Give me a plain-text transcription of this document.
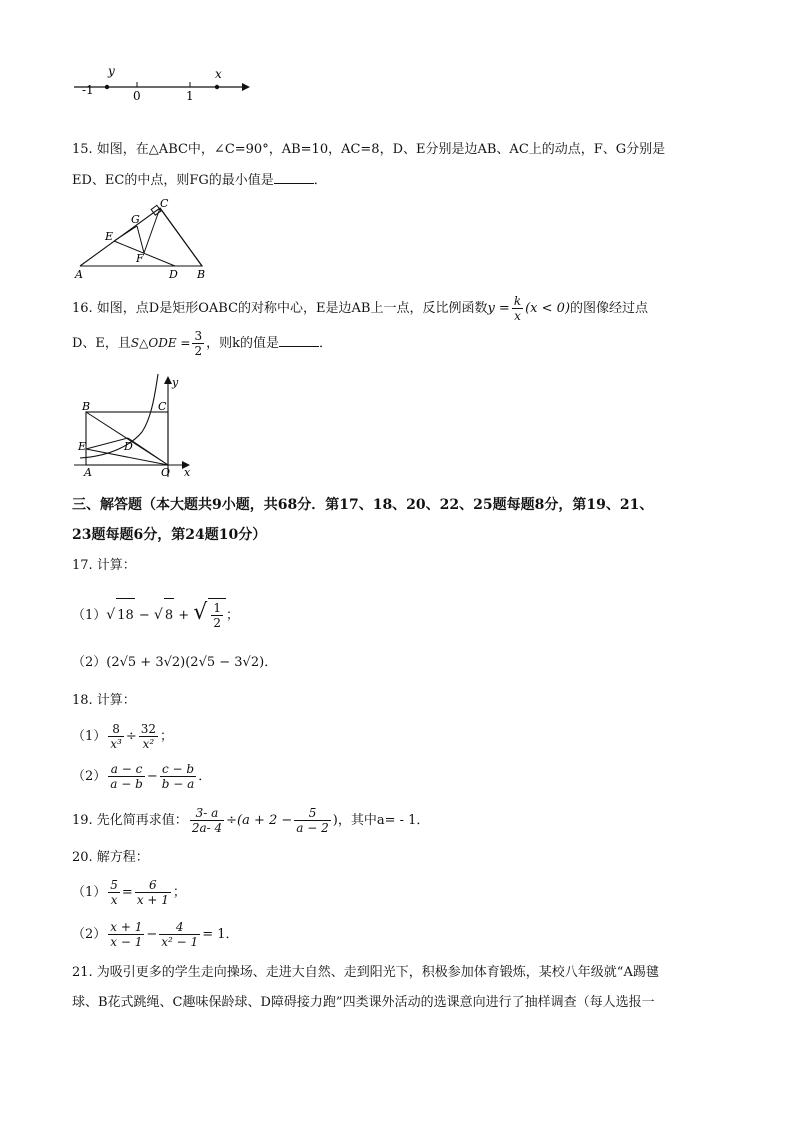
y	x
-1	0	1
15. 如图，在△ABC中，∠C=90°，AB=10，AC=8，D、E分别是边AB、AC上的动点，F、G分别是
ED、EC的中点，则FG的最小值是	．
C
G
E
F
A	D B
16. 如图，点D是矩形OABC的对称中心，E是边AB上一点，反比例函数$y = \frac{k}{x} (x < 0)$的图像经过点
D、E，且S△ODE = $\frac{3}{2}$ ，则k的值是	．
y
B	C
E	D
A	O x
三、解答题（本大题共9小题，共68分．第17、18、20、22、25题每题8分，第19、21、
23题每题6分，第24题10分）
17. 计算：
（1）√ 18 − √ 8 + √ $\frac{1}{2}$ ；
（2）(2√5 + 3√2)(2√5 − 3√2)．
18. 计算：
$(1) \frac{8}{\text{x³}} \div \frac{32}{\text{x²}}$ ；
$(2) \frac{a - c}{a - b} - \frac{c - b}{b - a}$ ．
19. 先化简再求值： $\frac{3- a}{2a- 4} \div(a + 2 - \frac{5}{a - 2}$ )，其中a= - 1．
20. 解方程：
$(1) \frac{5}{x} = \frac{6}{x + 1}$ ；
$(2) \frac{x + 1}{x - 1} - \frac{4}{\text{x² − 1}} = 1$．
21. 为吸引更多的学生走向操场、走进大自然、走到阳光下，积极参加体育锻炼，某校八年级就“A踢毽
球、B花式跳绳、C趣味保龄球、D障碍接力跑”四类课外活动的选课意向进行了抽样调查（每人选报一
